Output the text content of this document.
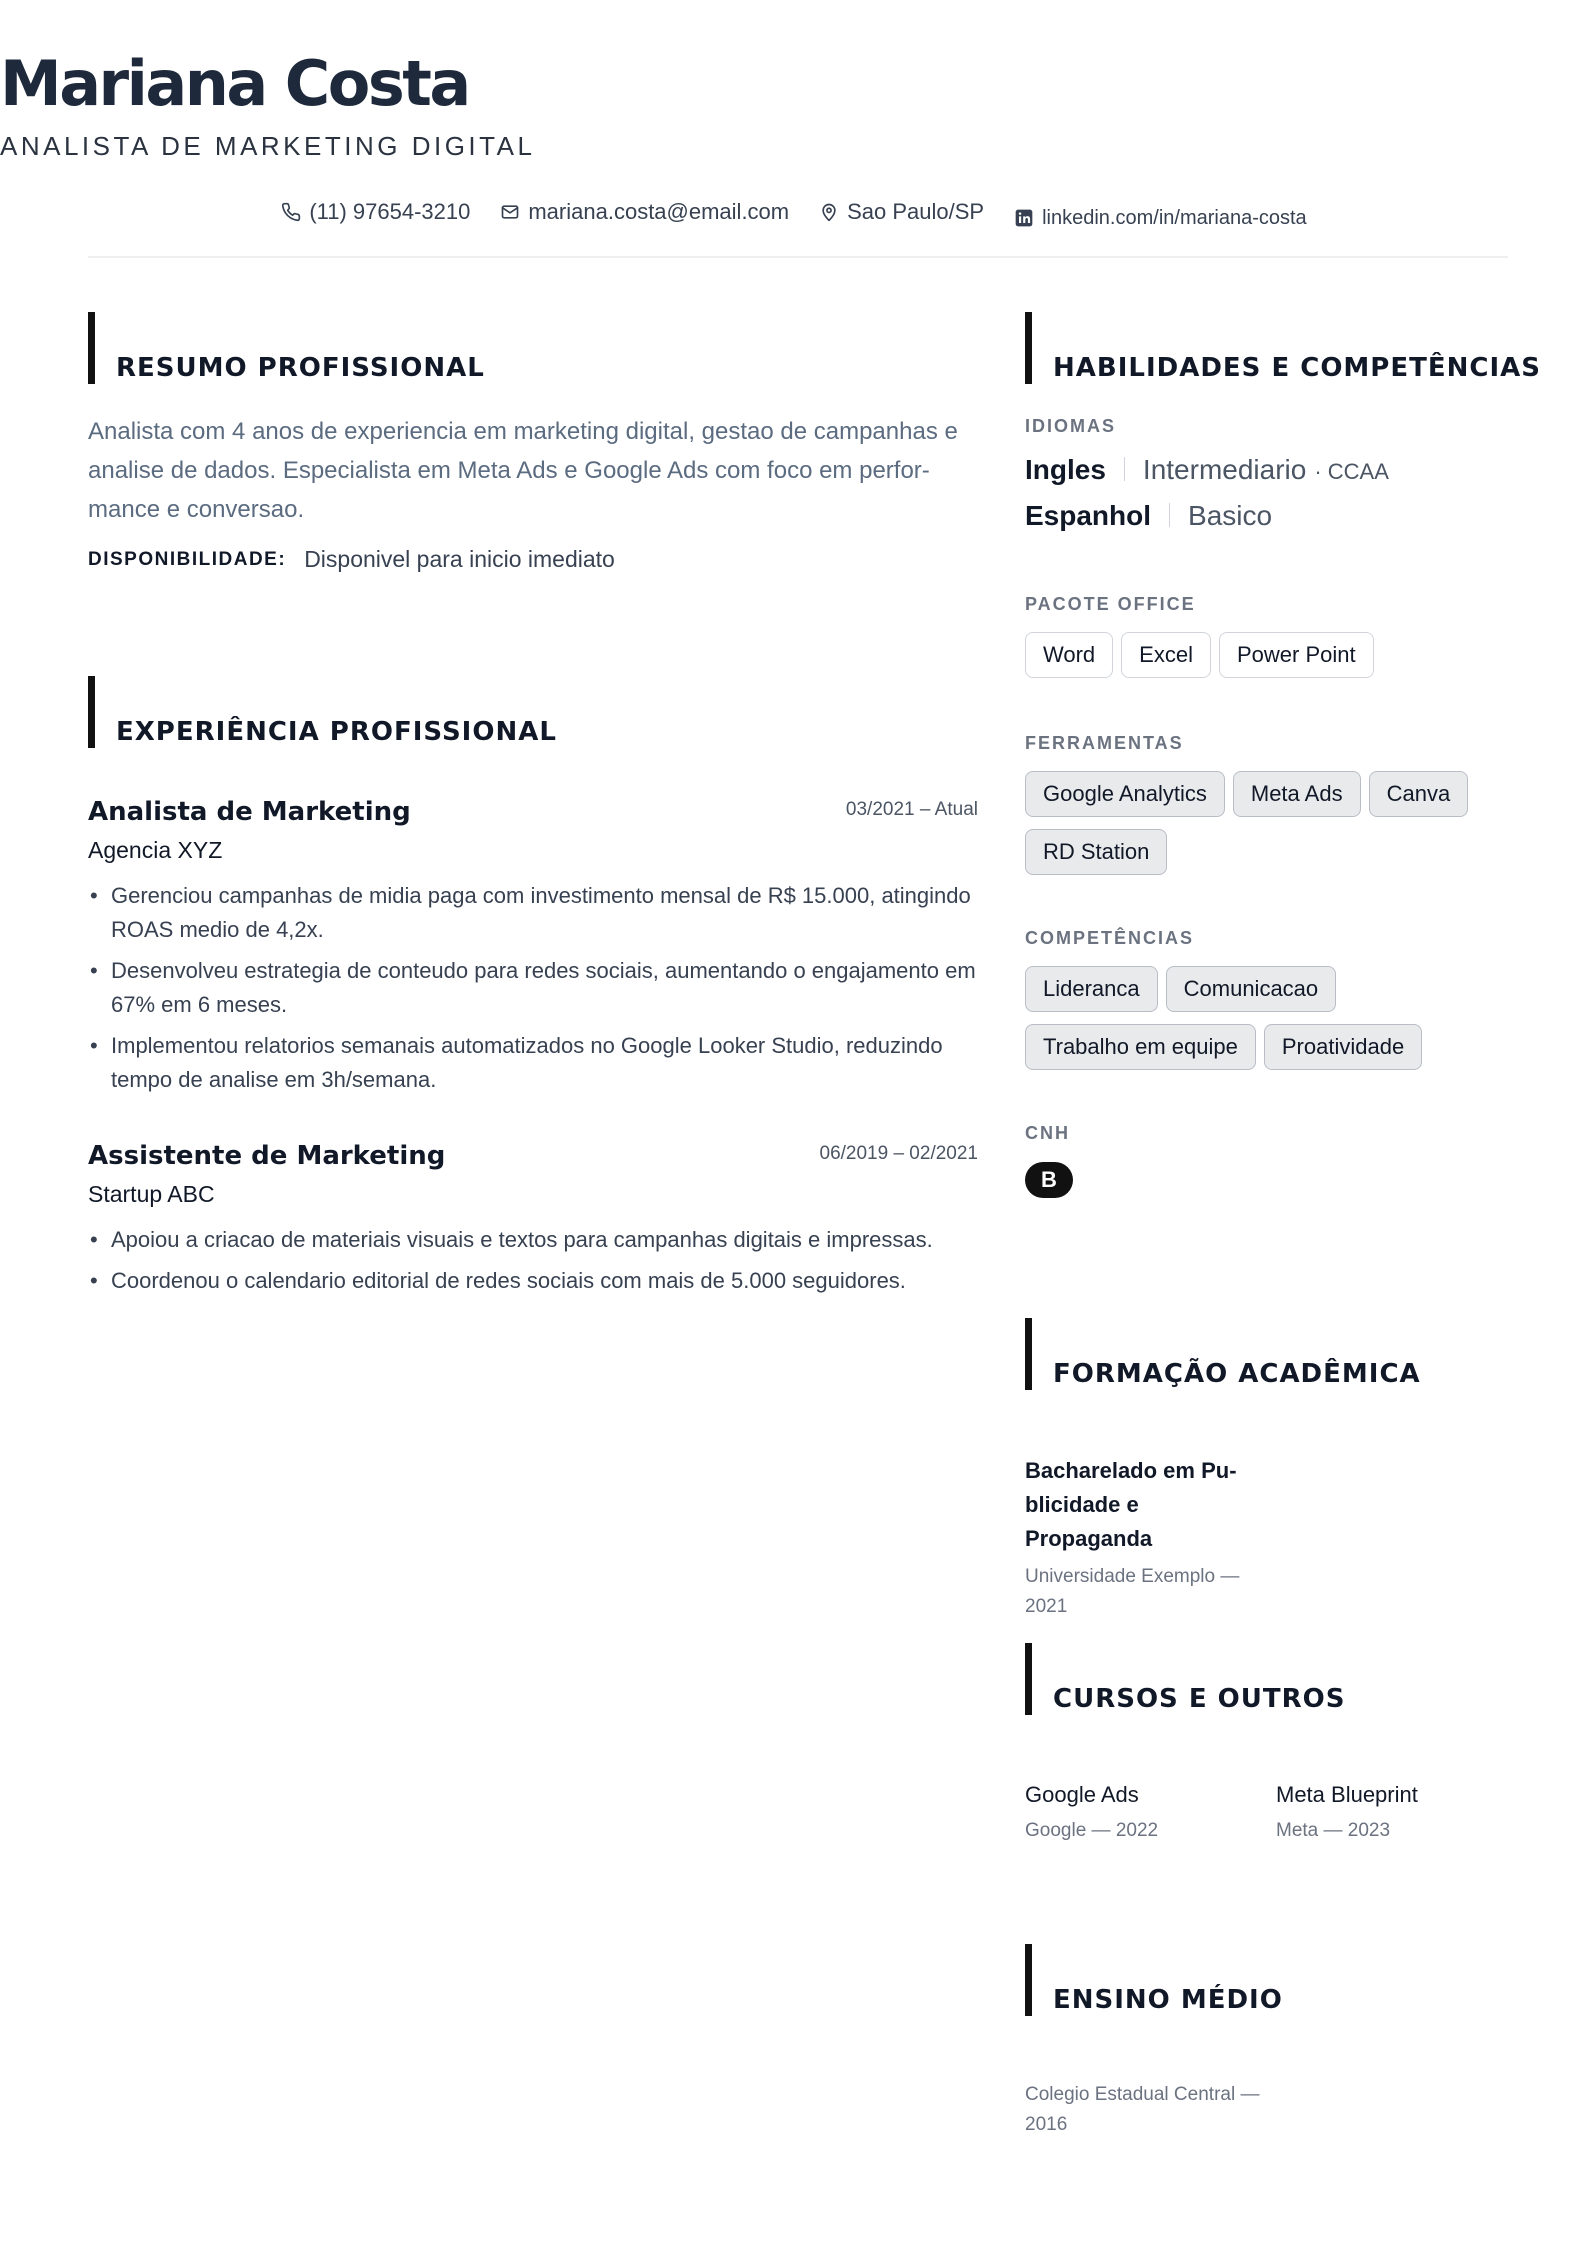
Mariana Costa
ANALISTA DE MARKETING DIGITAL
(11) 97654-3210	mariana.costa@email.com	Sao Paulo/SP	linkedin.com/in/mariana-costa
RESUMO PROFISSIONAL
Analista com 4 anos de experiencia em marketing digital, gestao de campanhas e analise de dados. Especialista em Meta Ads e Google Ads com foco em performance e conversao.
DISPONIBILIDADE: Disponivel para inicio imediato
EXPERIÊNCIA PROFISSIONAL
Analista de Marketing	03/2021 – Atual
Agencia XYZ
• Gerenciou campanhas de midia paga com investimento mensal de R$ 15.000, atingindo ROAS medio de 4,2x.
• Desenvolveu estrategia de conteudo para redes sociais, aumentando o engajamento em 67% em 6 meses.
• Implementou relatorios semanais automatizados no Google Looker Studio, reduzindo tempo de analise em 3h/semana.
Assistente de Marketing	06/2019 – 02/2021
Startup ABC
• Apoiou a criacao de materiais visuais e textos para campanhas digitais e impressas.
• Coordenou o calendario editorial de redes sociais com mais de 5.000 seguidores.
HABILIDADES E COMPETÊNCIAS
IDIOMAS
Ingles Intermediario · CCAA
Espanhol Basico
PACOTE OFFICE
Word	Excel	Power Point
FERRAMENTAS
Google Analytics	Meta Ads	Canva
RD Station
COMPETÊNCIAS
Lideranca	Comunicacao
Trabalho em equipe	Proatividade
CNH
B
FORMAÇÃO ACADÊMICA
Bacharelado em Publicidade e Propaganda
Universidade Exemplo — 2021
CURSOS E OUTROS
Google Ads
Google — 2022
Meta Blueprint
Meta — 2023
ENSINO MÉDIO
Colegio Estadual Central — 2016
